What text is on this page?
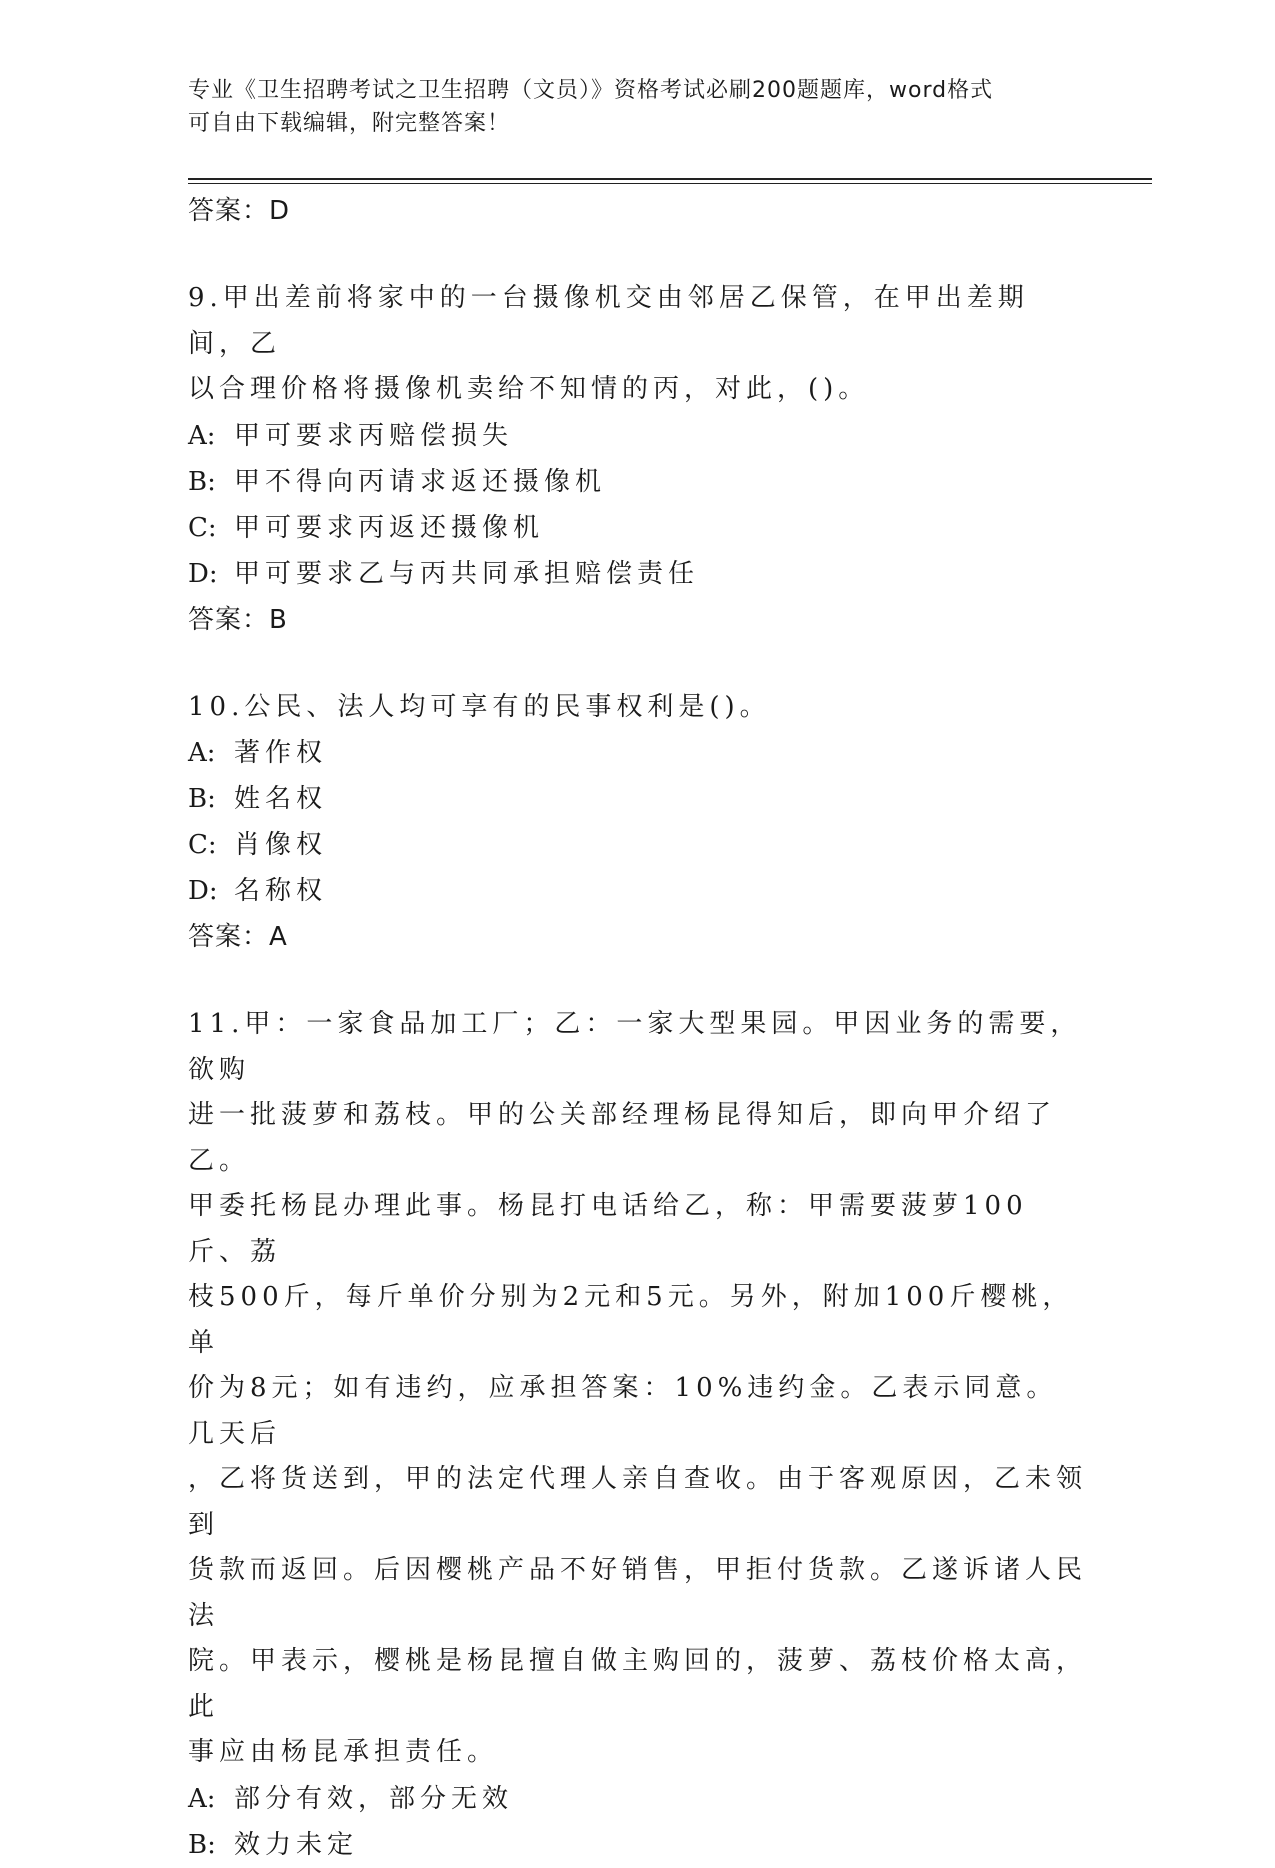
专业《卫生招聘考试之卫生招聘（文员）》资格考试必刷200题题库，word格式
可自由下载编辑，附完整答案！
答案：D
9.甲出差前将家中的一台摄像机交由邻居乙保管，在甲出差期间，乙
以合理价格将摄像机卖给不知情的丙，对此，()。
A: 甲可要求丙赔偿损失
B: 甲不得向丙请求返还摄像机
C: 甲可要求丙返还摄像机
D: 甲可要求乙与丙共同承担赔偿责任
答案：B
10.公民、法人均可享有的民事权利是()。
A: 著作权
B: 姓名权
C: 肖像权
D: 名称权
答案：A
11.甲：一家食品加工厂；乙：一家大型果园。甲因业务的需要，欲购
进一批菠萝和荔枝。甲的公关部经理杨昆得知后，即向甲介绍了乙。
甲委托杨昆办理此事。杨昆打电话给乙，称：甲需要菠萝100斤、荔
枝500斤，每斤单价分别为2元和5元。另外，附加100斤樱桃，单
价为8元；如有违约，应承担答案：10%违约金。乙表示同意。几天后
，乙将货送到，甲的法定代理人亲自查收。由于客观原因，乙未领到
货款而返回。后因樱桃产品不好销售，甲拒付货款。乙遂诉诸人民法
院。甲表示，樱桃是杨昆擅自做主购回的，菠萝、荔枝价格太高，此
事应由杨昆承担责任。
A: 部分有效，部分无效
B: 效力未定
